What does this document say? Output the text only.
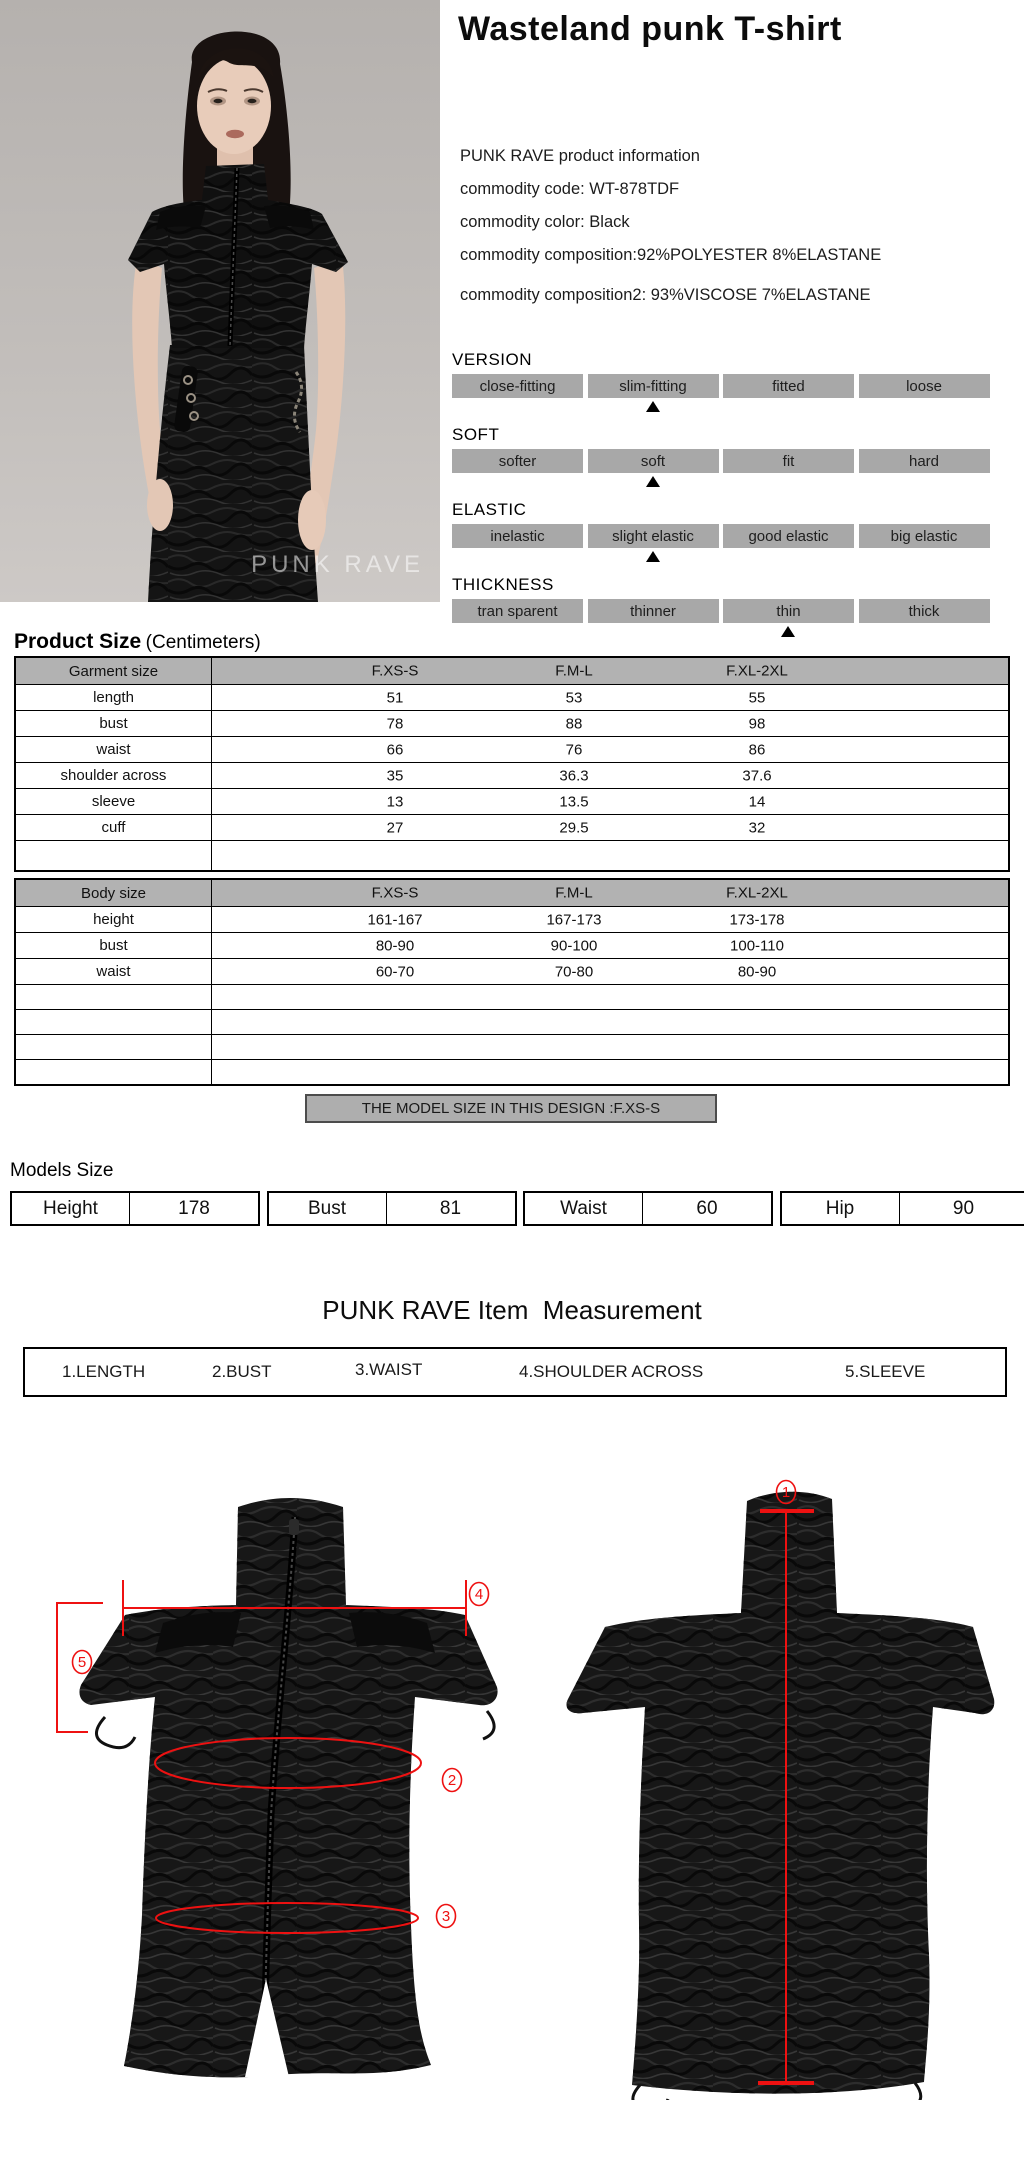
PUNK RAVE
Wasteland punk T-shirt
PUNK RAVE product information
commodity code: WT-878TDF
commodity color: Black
commodity composition:92%POLYESTER 8%ELASTANE
commodity composition2: 93%VISCOSE 7%ELASTANE
VERSION
close-fitting	slim-fitting	fitted	loose
SOFT
softer	soft	fit	hard
ELASTIC
inelastic	slight elastic	good elastic	big elastic
THICKNESS
tran sparent	thinner	thin	thick
Product Size (Centimeters)
Garment size	F.XS-S	F.M-L	F.XL-2XL
length	51	53	55
bust	78	88	98
waist	66	76	86
shoulder across	35	36.3	37.6
sleeve	13	13.5	14
cuff	27	29.5	32
Body size	F.XS-S	F.M-L	F.XL-2XL
height	161-167	167-173	173-178
bust	80-90	90-100	100-110
waist	60-70	70-80	80-90
THE MODEL SIZE IN THIS DESIGN :F.XS-S
Models Size
Height	178	Bust	81	Waist	60	Hip	90
PUNK RAVE Item  Measurement
1.LENGTH	2.BUST	3.WAIST	4.SHOULDER ACROSS	5.SLEEVE
1
2
3
4
5
